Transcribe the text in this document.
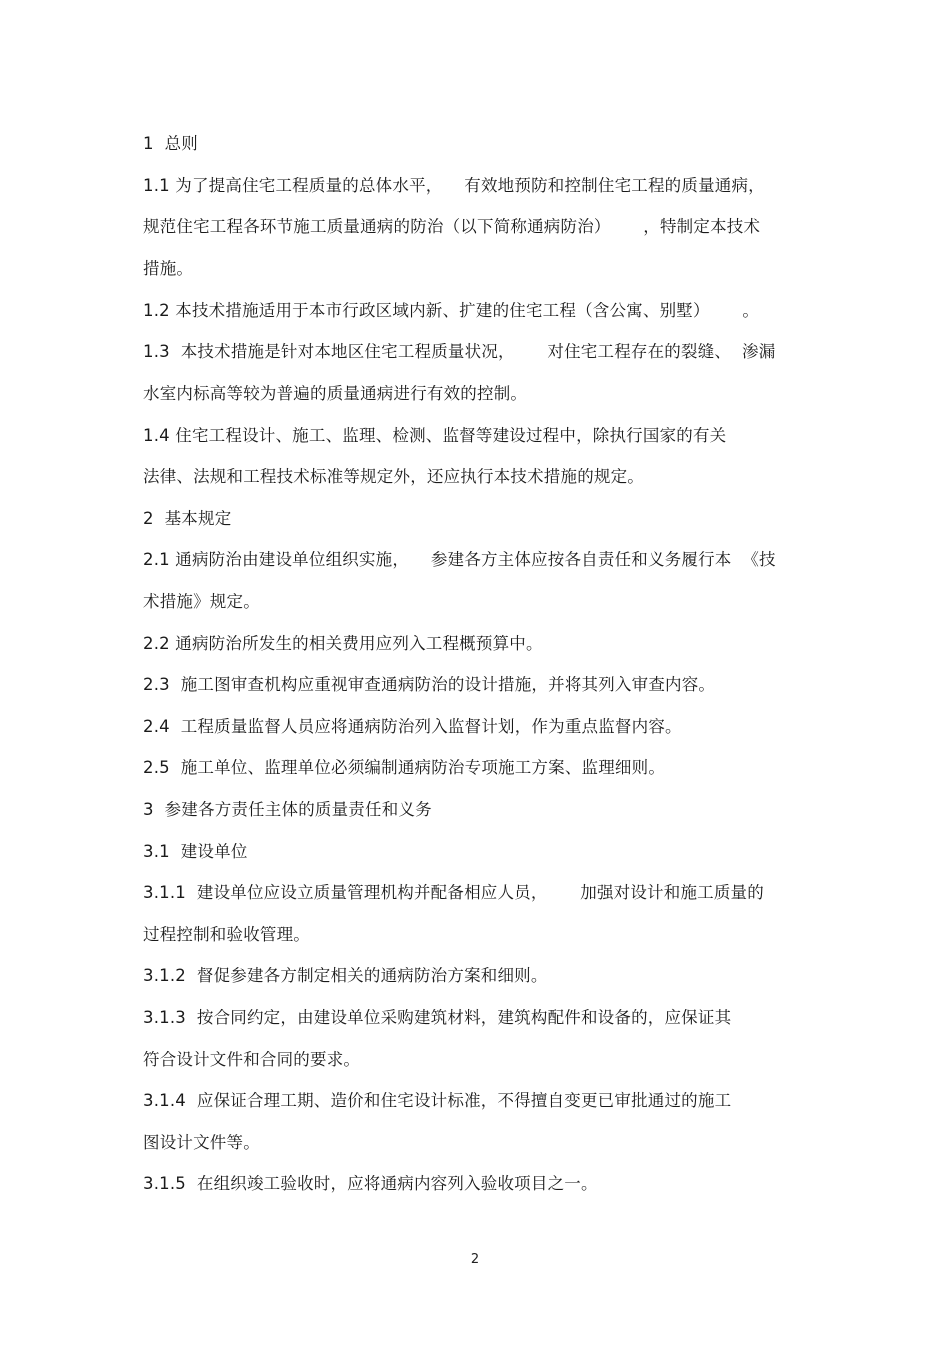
1  总则
1.1 为了提高住宅工程质量的总体水平，    有效地预防和控制住宅工程的质量通病，
规范住宅工程各环节施工质量通病的防治（以下简称通病防治）      ，特制定本技术
措施。
1.2 本技术措施适用于本市行政区域内新、扩建的住宅工程（含公寓、别墅）      。
1.3  本技术措施是针对本地区住宅工程质量状况，      对住宅工程存在的裂缝、  渗漏
水室内标高等较为普遍的质量通病进行有效的控制。
1.4 住宅工程设计、施工、监理、检测、监督等建设过程中，除执行国家的有关
法律、法规和工程技术标准等规定外，还应执行本技术措施的规定。
2  基本规定
2.1 通病防治由建设单位组织实施，    参建各方主体应按各自责任和义务履行本  《技
术措施》规定。
2.2 通病防治所发生的相关费用应列入工程概预算中。
2.3  施工图审查机构应重视审查通病防治的设计措施，并将其列入审查内容。
2.4  工程质量监督人员应将通病防治列入监督计划，作为重点监督内容。
2.5  施工单位、监理单位必须编制通病防治专项施工方案、监理细则。
3  参建各方责任主体的质量责任和义务
3.1  建设单位
3.1.1  建设单位应设立质量管理机构并配备相应人员，      加强对设计和施工质量的
过程控制和验收管理。
3.1.2  督促参建各方制定相关的通病防治方案和细则。
3.1.3  按合同约定，由建设单位采购建筑材料，建筑构配件和设备的，应保证其
符合设计文件和合同的要求。
3.1.4  应保证合理工期、造价和住宅设计标准，不得擅自变更已审批通过的施工
图设计文件等。
3.1.5  在组织竣工验收时，应将通病内容列入验收项目之一。
2
